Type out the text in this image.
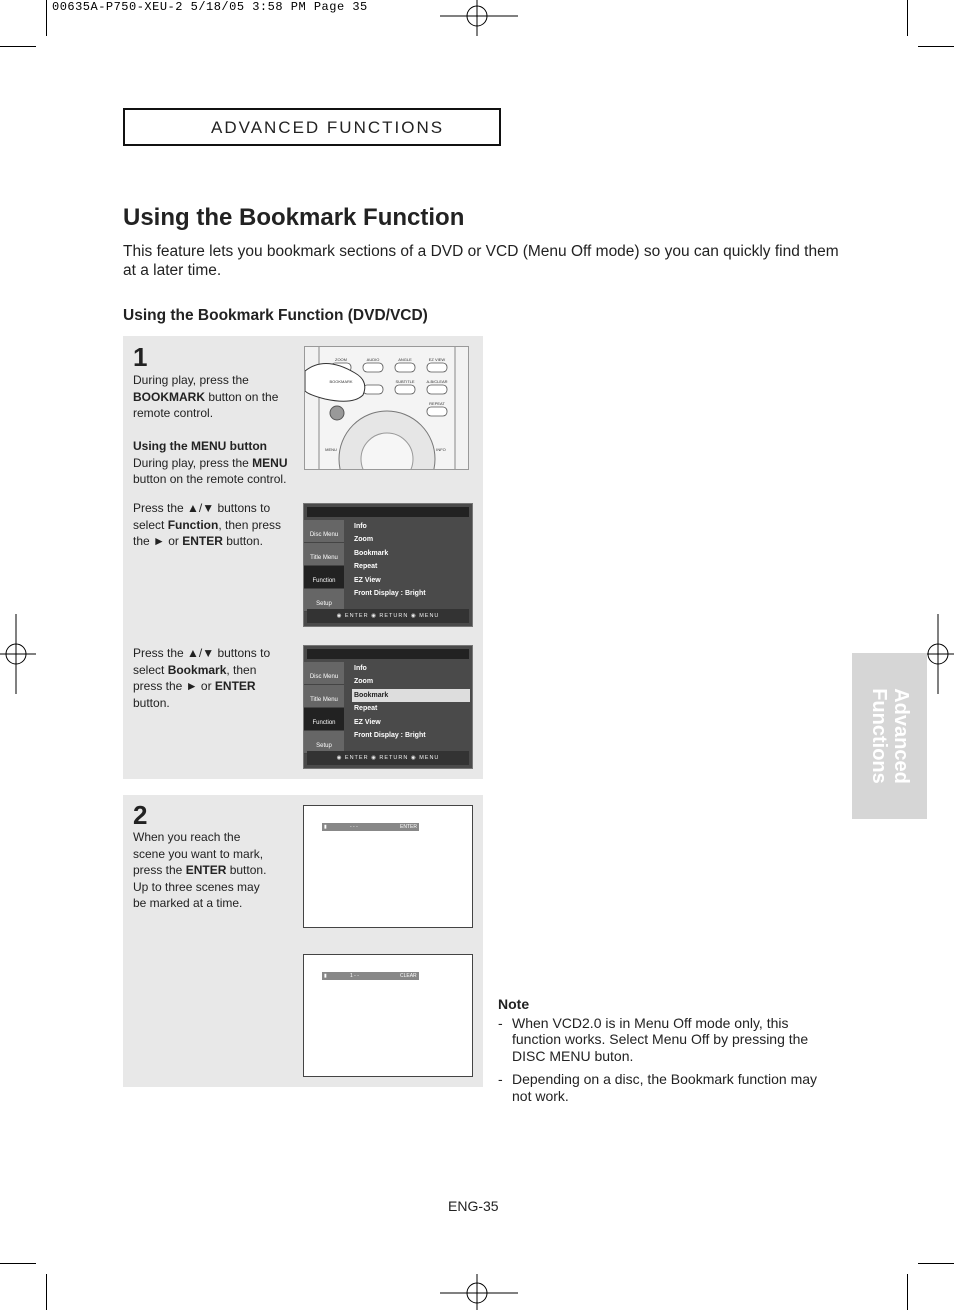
00635A-P750-XEU-2 5/18/05 3:58 PM Page 35
ADVANCED FUNCTIONS
Using the Bookmark Function
This feature lets you bookmark sections of a DVD or VCD (Menu Off mode) so you can quickly find them at a later time.
Using the Bookmark Function (DVD/VCD)
1
During play, press the BOOKMARK button on the remote control.
Using the MENU button
During play, press the MENU button on the remote control.
Press the ▲/▼ buttons to select Function, then press the ► or ENTER button.
Press the ▲/▼ buttons to select Bookmark, then press the ► or ENTER button.
ZOOM	AUDIO	ANGLE	EZ VIEW
BOOKMARK	SUBTITLE	A-B/CLEAR
REPEAT
MENU	INFO
Disc Menu
Title Menu
Function
Setup
Info
Zoom
Bookmark
Repeat
EZ View
Front Display : Bright
◉ ENTER ◉ RETURN ◉ MENU
Disc Menu
Title Menu
Function
Setup
Info
Zoom
Bookmark
Repeat
EZ View
Front Display : Bright
◉ ENTER ◉ RETURN ◉ MENU
2
When you reach the scene you want to mark, press the ENTER button. Up to three scenes may be marked at a time.
▮	- - -	ENTER
▮	1 - -	CLEAR
Advanced
Functions
Note
- When VCD2.0 is in Menu Off mode only, this function works. Select Menu Off by pressing the DISC MENU buton.
- Depending on a disc, the Bookmark function may not work.
ENG-35
